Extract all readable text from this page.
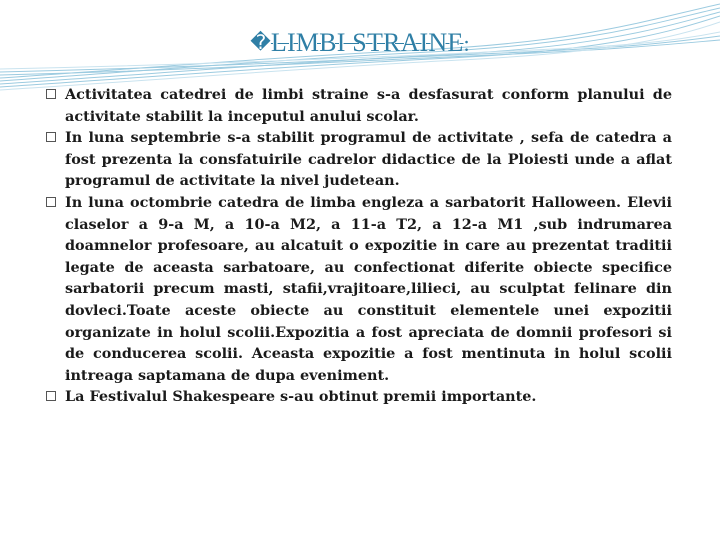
�LIMBI STRAINE:
Activitatea catedrei de limbi straine s-a desfasurat conform planului de activitate stabilit la inceputul anului scolar.
In luna septembrie s-a stabilit programul de activitate , sefa de catedra a fost prezenta la consfatuirile cadrelor didactice de la Ploiesti unde a aflat programul de activitate la nivel judetean.
In luna octombrie catedra de limba engleza a sarbatorit Halloween. Elevii claselor a 9-a M, a 10-a M2, a 11-a T2, a 12-a M1 ,sub indrumarea doamnelor profesoare, au alcatuit o expozitie in care au prezentat traditii legate de aceasta sarbatoare, au confectionat diferite obiecte specifice sarbatorii precum masti, stafii,vrajitoare,lilieci, au sculptat felinare din dovleci.Toate aceste obiecte au constituit elementele unei expozitii organizate in holul scolii.Expozitia a fost apreciata de domnii profesori si de conducerea scolii. Aceasta expozitie a fost mentinuta in holul scolii intreaga saptamana de dupa eveniment.
La Festivalul Shakespeare s-au obtinut premii importante.
